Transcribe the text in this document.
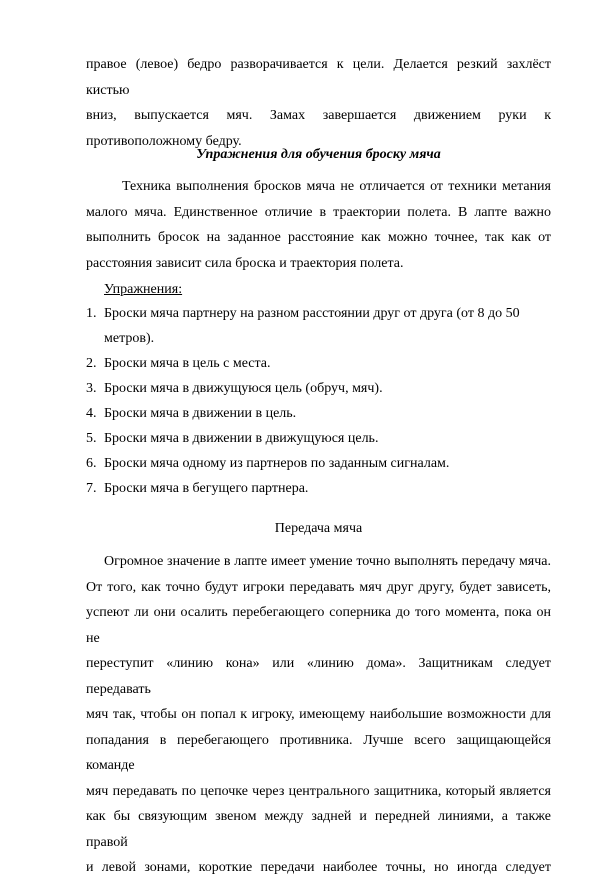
правое (левое) бедро разворачивается к цели. Делается резкий захлёст кистью
вниз, выпускается мяч. Замах завершается движением руки к
противоположному бедру.
Упражнения для обучения броску мяча
Техника выполнения бросков мяча не отличается от техники метания
малого мяча. Единственное отличие в траектории полета. В лапте важно
выполнить бросок на заданное расстояние как можно точнее, так как от
расстояния зависит сила броска и траектория полета.
Упражнения:
1. Броски мяча партнеру на разном расстоянии друг от друга (от 8 до 50
метров).
2. Броски мяча в цель с места.
3. Броски мяча в движущуюся цель (обруч, мяч).
4. Броски мяча в движении в цель.
5. Броски мяча в движении в движущуюся цель.
6. Броски мяча одному из партнеров по заданным сигналам.
7. Броски мяча в бегущего партнера.
Передача мяча
Огромное значение в лапте имеет умение точно выполнять передачу мяча.
От того, как точно будут игроки передавать мяч друг другу, будет зависеть,
успеют ли они осалить перебегающего соперника до того момента, пока он не
переступит «линию кона» или «линию дома». Защитникам следует передавать
мяч так, чтобы он попал к игроку, имеющему наибольшие возможности для
попадания в перебегающего противника. Лучше всего защищающейся команде
мяч передавать по цепочке через центрального защитника, который является
как бы связующим звеном между задней и передней линиями, а также правой
и левой зонами, короткие передачи наиболее точны, но иногда следует
